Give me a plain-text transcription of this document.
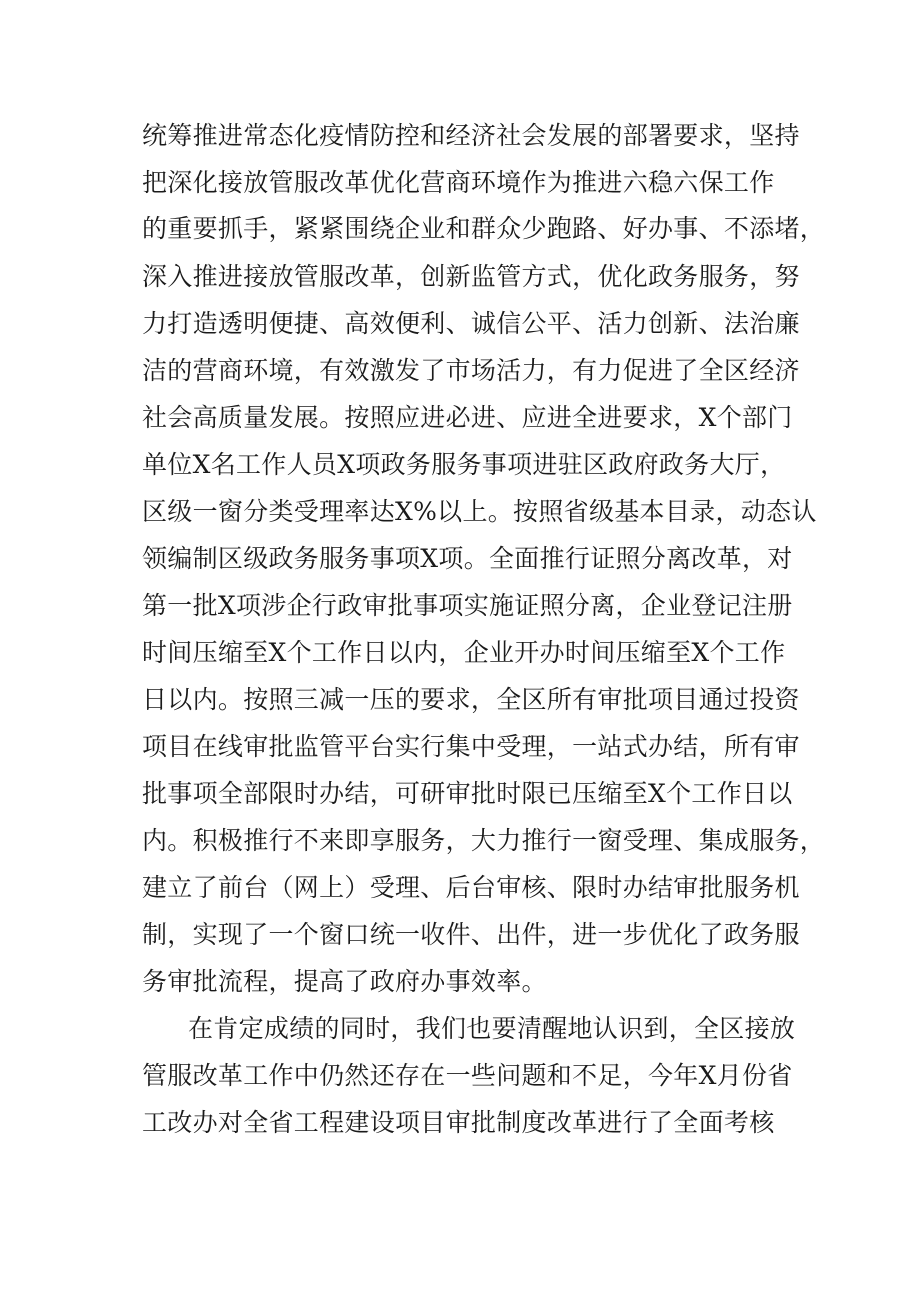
统筹推进常态化疫情防控和经济社会发展的部署要求，坚持
把深化接放管服改革优化营商环境作为推进六稳六保工作
的重要抓手，紧紧围绕企业和群众少跑路、好办事、不添堵，
深入推进接放管服改革，创新监管方式，优化政务服务，努
力打造透明便捷、高效便利、诚信公平、活力创新、法治廉
洁的营商环境，有效激发了市场活力，有力促进了全区经济
社会高质量发展。按照应进必进、应进全进要求，X个部门
单位X名工作人员X项政务服务事项进驻区政府政务大厅，
区级一窗分类受理率达X%以上。按照省级基本目录，动态认
领编制区级政务服务事项X项。全面推行证照分离改革，对
第一批X项涉企行政审批事项实施证照分离，企业登记注册
时间压缩至X个工作日以内，企业开办时间压缩至X个工作
日以内。按照三减一压的要求，全区所有审批项目通过投资
项目在线审批监管平台实行集中受理，一站式办结，所有审
批事项全部限时办结，可研审批时限已压缩至X个工作日以
内。积极推行不来即享服务，大力推行一窗受理、集成服务，
建立了前台（网上）受理、后台审核、限时办结审批服务机
制，实现了一个窗口统一收件、出件，进一步优化了政务服
务审批流程，提高了政府办事效率。
在肯定成绩的同时，我们也要清醒地认识到，全区接放
管服改革工作中仍然还存在一些问题和不足，今年X月份省
工改办对全省工程建设项目审批制度改革进行了全面考核
